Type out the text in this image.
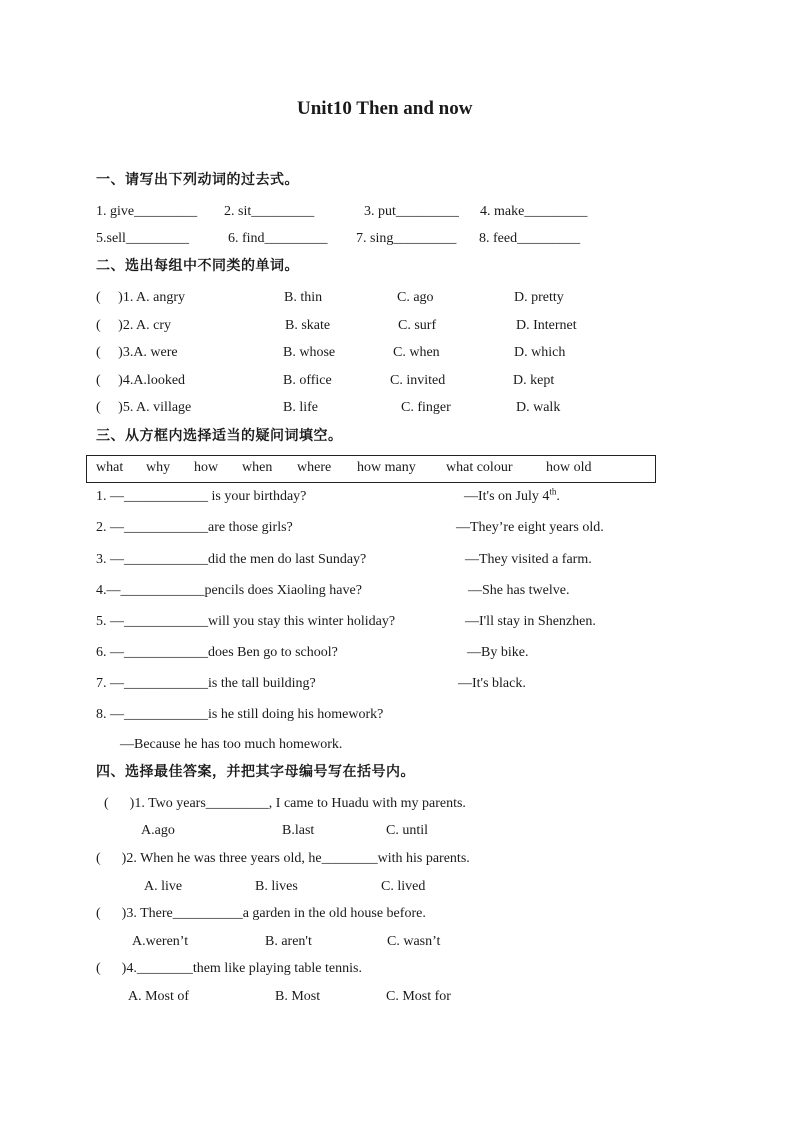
Unit10 Then and now
一、请写出下列动词的过去式。
1. give_________ 2. sit_________	3. put_________ 4. make_________
5.sell_________	6. find_________ 7. sing_________ 8. feed_________
二、选出每组中不同类的单词。
(     )1. A. angry	B. thin	C. ago	D. pretty
(     )2. A. cry	B. skate	C. surf	D. Internet
(     )3.A. were	B. whose	C. when	D. which
(     )4.A.looked	B. office	C. invited	D. kept
(     )5. A. village	B. life	C. finger	D. walk
三、从方框内选择适当的疑问词填空。
what why how when where how many what colour how old
1. —____________ is your birthday?	—It's on July 4th.
2. —____________are those girls?	—They’re eight years old.
3. —____________did the men do last Sunday?	—They visited a farm.
4.—____________pencils does Xiaoling have?	—She has twelve.
5. —____________will you stay this winter holiday?	—I'll stay in Shenzhen.
6. —____________does Ben go to school?	—By bike.
7. —____________is the tall building?	—It's black.
8. —____________is he still doing his homework?
—Because he has too much homework.
四、选择最佳答案，并把其字母编号写在括号内。
(      )1. Two years_________, I came to Huadu with my parents.
A.ago	B.last	C. until
(      )2. When he was three years old, he________with his parents.
A. live	B. lives	C. lived
(      )3. There__________a garden in the old house before.
A.weren’t	B. aren't	C. wasn’t
(      )4.________them like playing table tennis.
A. Most of	B. Most	C. Most for
